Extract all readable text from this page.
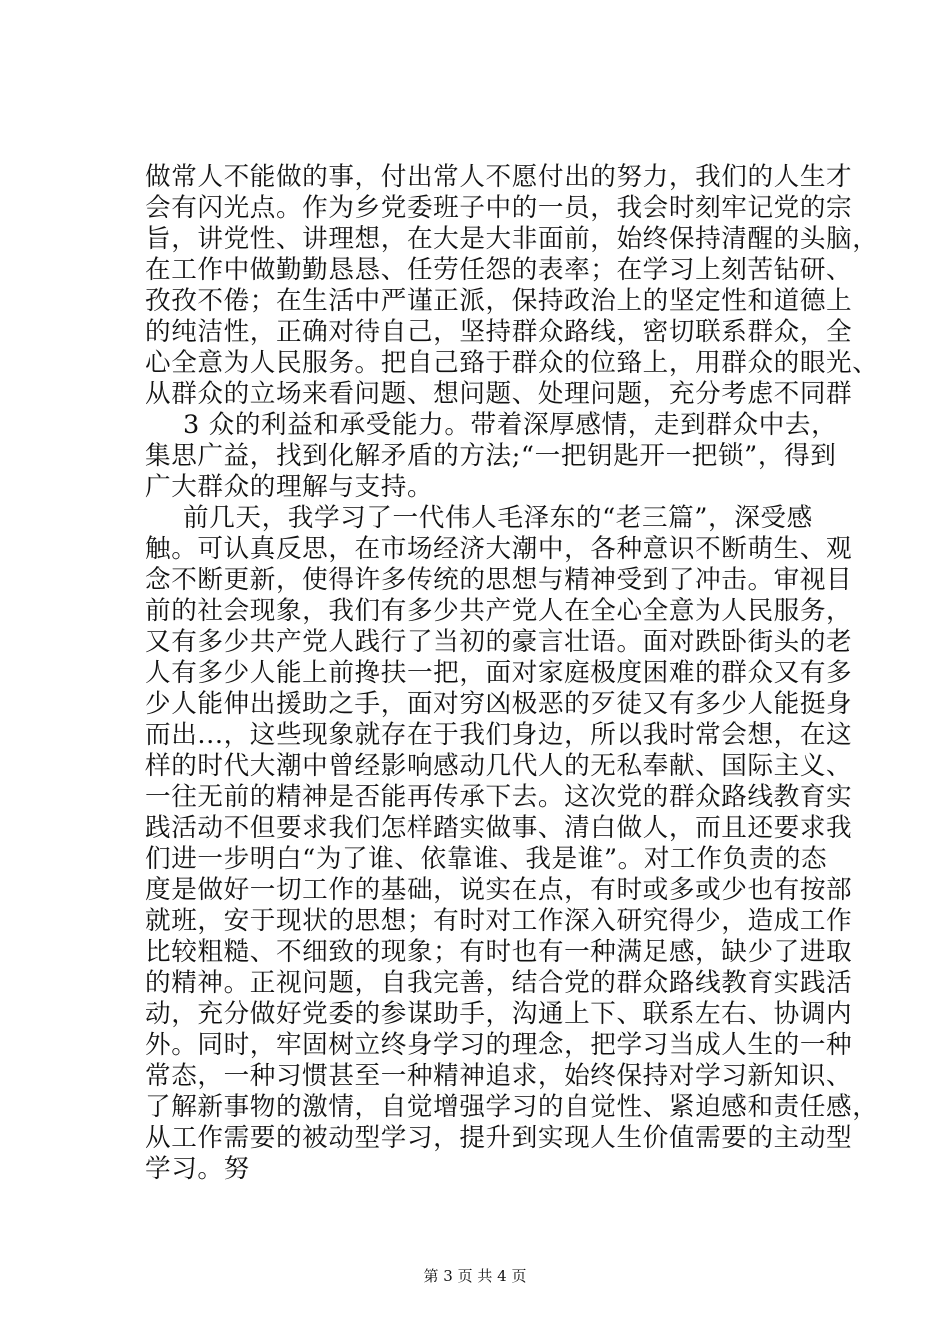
做常人不能做的事，付出常人不愿付出的努力，我们的人生才
会有闪光点。作为乡党委班子中的一员，我会时刻牢记党的宗
旨，讲党性、讲理想，在大是大非面前，始终保持清醒的头脑，
在工作中做勤勤恳恳、任劳任怨的表率；在学习上刻苦钻研、
孜孜不倦；在生活中严谨正派，保持政治上的坚定性和道德上
的纯洁性，正确对待自己，坚持群众路线，密切联系群众，全
心全意为人民服务。把自己臵于群众的位臵上，用群众的眼光、
从群众的立场来看问题、想问题、处理问题，充分考虑不同群
3 众的利益和承受能力。带着深厚感情，走到群众中去，
集思广益，找到化解矛盾的方法;“一把钥匙开一把锁”，得到
广大群众的理解与支持。
前几天，我学习了一代伟人毛泽东的“老三篇”，深受感
触。可认真反思，在市场经济大潮中，各种意识不断萌生、观
念不断更新，使得许多传统的思想与精神受到了冲击。审视目
前的社会现象，我们有多少共产党人在全心全意为人民服务，
又有多少共产党人践行了当初的豪言壮语。面对跌卧街头的老
人有多少人能上前搀扶一把，面对家庭极度困难的群众又有多
少人能伸出援助之手，面对穷凶极恶的歹徒又有多少人能挺身
而出...，这些现象就存在于我们身边，所以我时常会想，在这
样的时代大潮中曾经影响感动几代人的无私奉献、国际主义、
一往无前的精神是否能再传承下去。这次党的群众路线教育实
践活动不但要求我们怎样踏实做事、清白做人，而且还要求我
们进一步明白“为了谁、依靠谁、我是谁”。对工作负责的态
度是做好一切工作的基础，说实在点，有时或多或少也有按部
就班，安于现状的思想；有时对工作深入研究得少，造成工作
比较粗糙、不细致的现象；有时也有一种满足感，缺少了进取
的精神。正视问题，自我完善，结合党的群众路线教育实践活
动，充分做好党委的参谋助手，沟通上下、联系左右、协调内
外。同时，牢固树立终身学习的理念，把学习当成人生的一种
常态，一种习惯甚至一种精神追求，始终保持对学习新知识、
了解新事物的激情，自觉增强学习的自觉性、紧迫感和责任感，
从工作需要的被动型学习，提升到实现人生价值需要的主动型
学习。努
第 3 页 共 4 页
